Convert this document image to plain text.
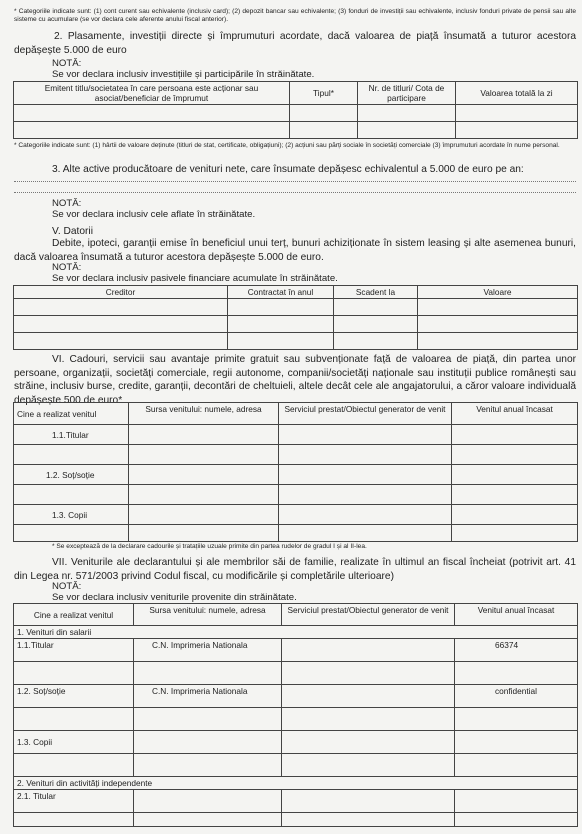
* Categoriile indicate sunt: (1) cont curent sau echivalente (inclusiv card); (2) depozit bancar sau echivalente; (3) fonduri de investiții sau echivalente, inclusiv fonduri private de pensii sau alte sisteme cu acumulare (se vor declara cele aferente anului fiscal anterior).
2. Plasamente, investiții directe și împrumuturi acordate, dacă valoarea de piață însumată a tuturor acestora depășește 5.000 de euro
NOTĂ:
Se vor declara inclusiv investițiile și participările în străinătate.
Emitent titlu/societatea în care persoana este acționar sau asociat/beneficiar de împrumut	Tipul*	Nr. de titluri/ Cota de participare	Valoarea totală la zi

* Categoriile indicate sunt: (1) hârtii de valoare deținute (titluri de stat, certificate, obligațiuni); (2) acțiuni sau părți sociale în societăți comerciale (3) împrumuturi acordate în nume personal.
3. Alte active producătoare de venituri nete, care însumate depășesc echivalentul a 5.000 de euro pe an:
NOTĂ:
Se vor declara inclusiv cele aflate în străinătate.
V. Datorii
Debite, ipoteci, garanții emise în beneficiul unui terț, bunuri achiziționate în sistem leasing și alte asemenea bunuri, dacă valoarea însumată a tuturor acestora depășește 5.000 de euro.
NOTĂ:
Se vor declara inclusiv pasivele financiare acumulate în străinătate.
Creditor	Contractat în anul	Scadent la	Valoare

VI. Cadouri, servicii sau avantaje primite gratuit sau subvenționate față de valoarea de piață, din partea unor persoane, organizații, societăți comerciale, regii autonome, companii/societăți naționale sau instituții publice românești sau străine, inclusiv burse, credite, garanții, decontări de cheltuieli, altele decât cele ale angajatorului, a căror valoare individuală depășește 500 de euro*
Cine a realizat venitul	Sursa venitului: numele, adresa	Serviciul prestat/Obiectul generator de venit	Venitul anual încasat
1.1.Titular			

1.2. Soț/soție			

1.3. Copii			

* Se exceptează de la declarare cadourile și tratațiile uzuale primite din partea rudelor de gradul I și al II-lea.
VII. Veniturile ale declarantului și ale membrilor săi de familie, realizate în ultimul an fiscal încheiat (potrivit art. 41 din Legea nr. 571/2003 privind Codul fiscal, cu modificările și completările ulterioare)
NOTĂ:
Se vor declara inclusiv veniturile provenite din străinătate.
Cine a realizat venitul	Sursa venitului: numele, adresa	Serviciul prestat/Obiectul generator de venit	Venitul anual încasat
1. Venituri din salarii			
1.1.Titular	C.N. Imprimeria Nationala		66374

1.2. Soț/soție	C.N. Imprimeria Nationala		confidential

1.3. Copii			

2. Venituri din activități independente			
2.1. Titular			
